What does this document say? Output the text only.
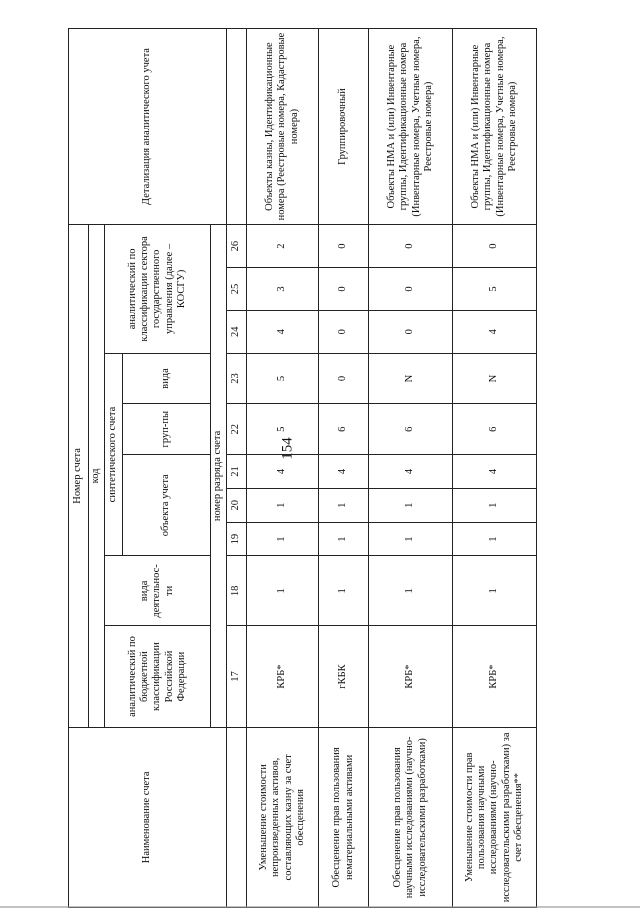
154
Наименование счета	Номер счета										Детализация аналитического учета
	код										
	аналитический по бюджетной классификации Российской Федерации	вида деятельнос-ти	синтетического счета					аналитический по классификации сектора государственного управления (далее – КОСГУ)			
			объекта учета			груп-пы	вида				
	номер разряда счета										
	17	18	19	20	21	22	23	24	25	26	
Уменьшение стоимости непроизведенных активов, составляющих казну за счет обесценения	КРБ*	1	1	1	4	5	5	4	3	2	Объекты казны, Идентификационные номера (Реестровые номера, Кадастровые номера)
Обесценение прав пользования нематериальными активами	гКБК	1	1	1	4	6	0	0	0	0	Группировочный
Обесценение прав пользования научными исследованиями (научно-исследовательскими разработками)	КРБ*	1	1	1	4	6	N	0	0	0	Объекты НМА и (или) Инвентарные группы, Идентификационные номера (Инвентарные номера, Учетные номера, Реестровые номера)
Уменьшение стоимости прав пользования научными исследованиями (научно-исследовательскими разработками) за счет обесценения**	КРБ*	1	1	1	4	6	N	4	5	0	Объекты НМА и (или) Инвентарные группы, Идентификационные номера (Инвентарные номера, Учетные номера, Реестровые номера)
